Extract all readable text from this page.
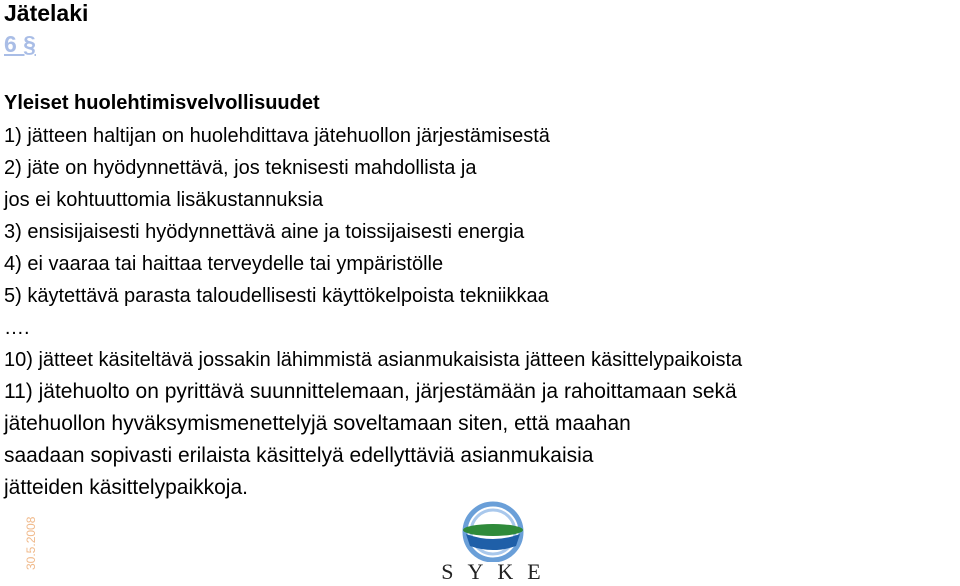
Jätelaki
6 §
Yleiset huolehtimisvelvollisuudet
1) jätteen haltijan on huolehdittava jätehuollon järjestämisestä
2) jäte on hyödynnettävä, jos teknisesti mahdollista ja
jos ei kohtuuttomia lisäkustannuksia
3) ensisijaisesti hyödynnettävä aine ja toissijaisesti energia
4) ei vaaraa tai haittaa terveydelle tai ympäristölle
5) käytettävä parasta taloudellisesti käyttökelpoista tekniikkaa
….
10) jätteet käsiteltävä jossakin lähimmistä asianmukaisista jätteen käsittelypaikoista
11) jätehuolto on pyrittävä suunnittelemaan, järjestämään ja rahoittamaan sekä
jätehuollon hyväksymismenettelyjä soveltamaan siten, että maahan
saadaan sopivasti erilaista käsittelyä edellyttäviä asianmukaisia
jätteiden käsittelypaikkoja.
30.5.2008
SYKE
